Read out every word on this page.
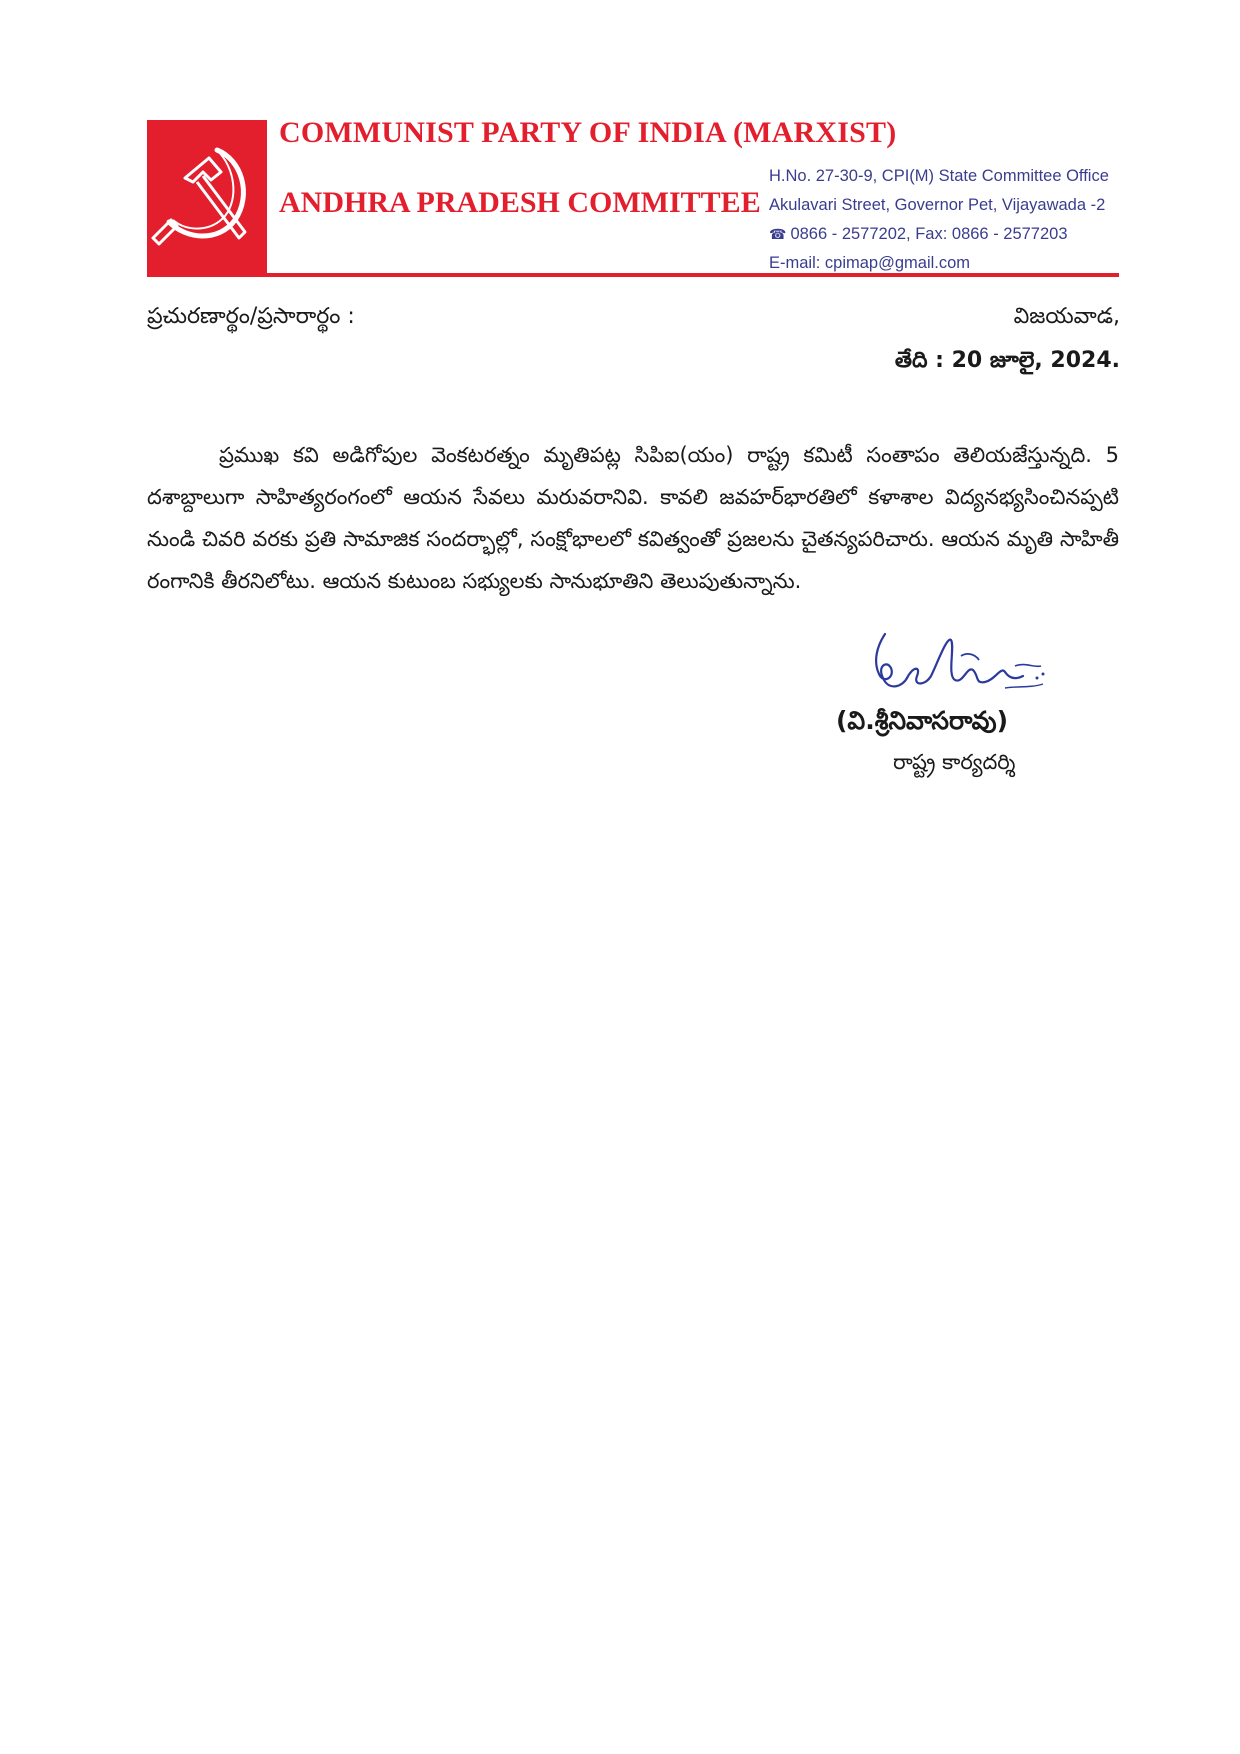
COMMUNIST PARTY OF INDIA (MARXIST)
ANDHRA PRADESH COMMITTEE
H.No. 27-30-9, CPI(M) State Committee Office
Akulavari Street, Governor Pet, Vijayawada -2
☎ 0866 - 2577202, Fax: 0866 - 2577203
E-mail: cpimap@gmail.com
ప్రచురణార్థం/ప్రసారార్థం :	విజయవాడ,
తేది : 20 జూలై, 2024.
ప్రముఖ కవి అడిగోపుల వెంకటరత్నం మృతిపట్ల సిపిఐ(యం) రాష్ట్ర కమిటీ సంతాపం తెలియజేస్తున్నది. 5 దశాబ్దాలుగా సాహిత్యరంగంలో ఆయన సేవలు మరువరానివి. కావలి జవహర్‌భారతిలో కళాశాల విద్యనభ్యసించినప్పటి నుండి చివరి వరకు ప్రతి సామాజిక సందర్భాల్లో, సంక్షోభాలలో కవిత్వంతో ప్రజలను చైతన్యపరిచారు. ఆయన మృతి సాహితీ రంగానికి తీరనిలోటు. ఆయన కుటుంబ సభ్యులకు సానుభూతిని తెలుపుతున్నాను.
(వి.శ్రీనివాసరావు)
రాష్ట్ర కార్యదర్శి
